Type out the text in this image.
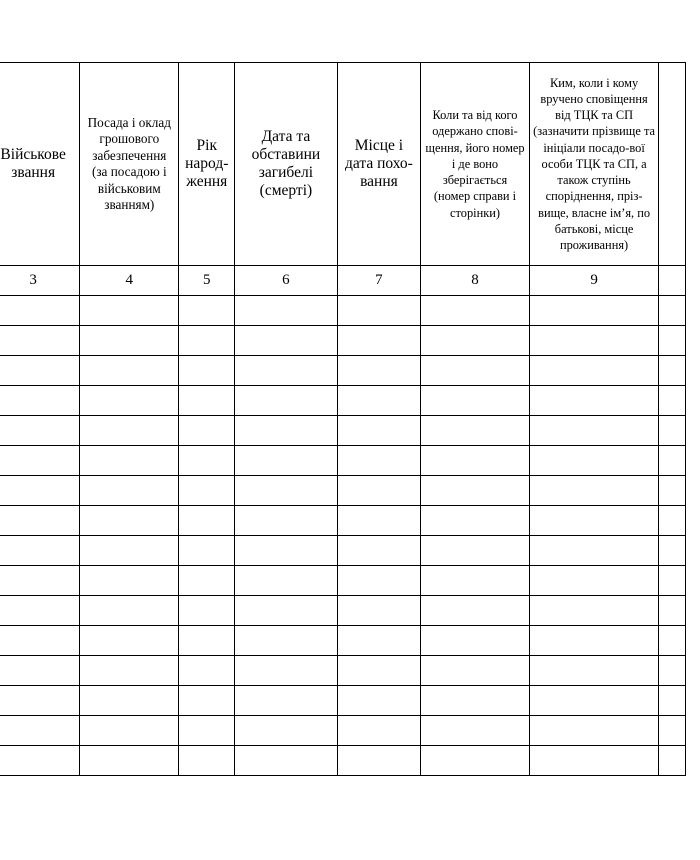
Військове звання	Посада і оклад грошового забезпечення (за посадою і військовим званням)	Рік народ-ження	Дата та обставини загибелі (смерті)	Місце і дата похо-вання	Коли та від кого одержано спові-щення, його номер і де воно зберігається (номер справи і сторінки)	Ким, коли і кому вручено сповіщення від ТЦК та СП (зазначити прізвище та ініціали посадо-вої особи ТЦК та СП, а також ступінь споріднення, пріз-вище, власне ім’я, по батькові, місце проживання)	

3	4	5	6	7	8	9	
